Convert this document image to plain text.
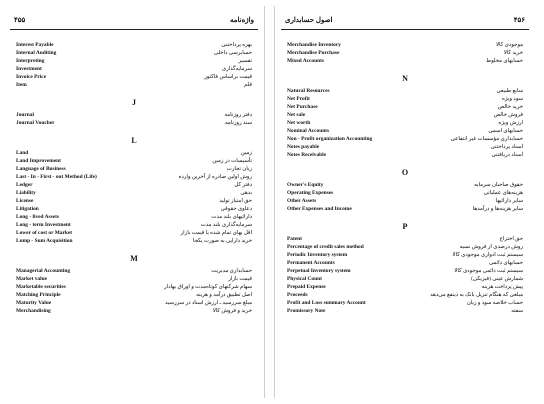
۴۵۵	واژه‌نامه
Interest Payable	بهره پرداختنی
Internal Auditing	حسابرسی داخلی
Interpreting	تفسیر
Investment	سرمایه‌گذاری
Invoice Price	قیمت براساس فاکتور
Item	قلم
J
Journal	دفتر روزنامه
Journal Voucher	سند روزنامه
L
Land	زمین
Land Improvement	تأسیسات در زمین
Language of Business	زبان تجارت
Last - In - First - out Method (Life)	روش اولین صادره از آخرین وارده
Ledger	دفتر کل
Liability	بدهی
License	حق امتیاز تولید
Litigation	دعاوی حقوقی
Long - lived Assets	دارائیهای بلند مدت
Long - term Investment	سرمایه‌گذاری بلند مدت
Lower of cost or Market	اقل بهای تمام شده یا قیمت بازار
Lump - Sum Acquisition	خرید دارایی به صورت یکجا
M
Managerial Accounting	حسابداری مدیریت
Market value	قیمت بازار
Marketable securities	سهام شرکتهای کوتاه‌مدت و اوراق بهادار
Matching Principle	اصل تطبیق درآمد و هزینه
Maturity Value	مبلغ سررسید ـ ارزش اسناد در سررسید
Merchandising	خرید و فروش کالا
اصول حسابداری	۴۵۶
Merchandise Inventory	موجودی کالا
Merchandise Purchase	خرید کالا
Mixed Accounts	حسابهای مخلوط
N
Natural Resources	منابع طبیعی
Net Profit	سود ویژه
Net Purchase	خرید خالص
Net sale	فروش خالص
Net worth	ارزش ویژه
Nominal Accounts	حسابهای اسمی
Non - Profit organization Accounting	حسابداری مؤسسات غیر انتفاعی
Notes payable	اسناد پرداختنی
Notes Receivable	اسناد دریافتنی
O
Owner's Equity	حقوق صاحبان سرمایه
Operating Expenses	هزینه‌های عملیاتی
Other Assets	سایر دارائیها
Other Expenses and Income	سایر هزینه‌ها و درآمدها
P
Patent	حق اختراع
Percentage of credit sales method	روش درصدی از فروش نسیه
Periodic Inventory system	سیستم ثبت ادواری موجودی کالا
Permanent Accounts	حسابهای دائمی
Perpetual Inventory system	سیستم ثبت دائمی موجودی کالا
Physical Count	شمارش عینی (فیزیکی)
Prepaid Expense	پیش پرداخت هزینه
Proceeds	مبلغی که هنگام تنزیل بانک به ذینفع می‌دهد
Profit and Loss summary Account	حساب خلاصه سود و زیان
Promissory Note	سفته
